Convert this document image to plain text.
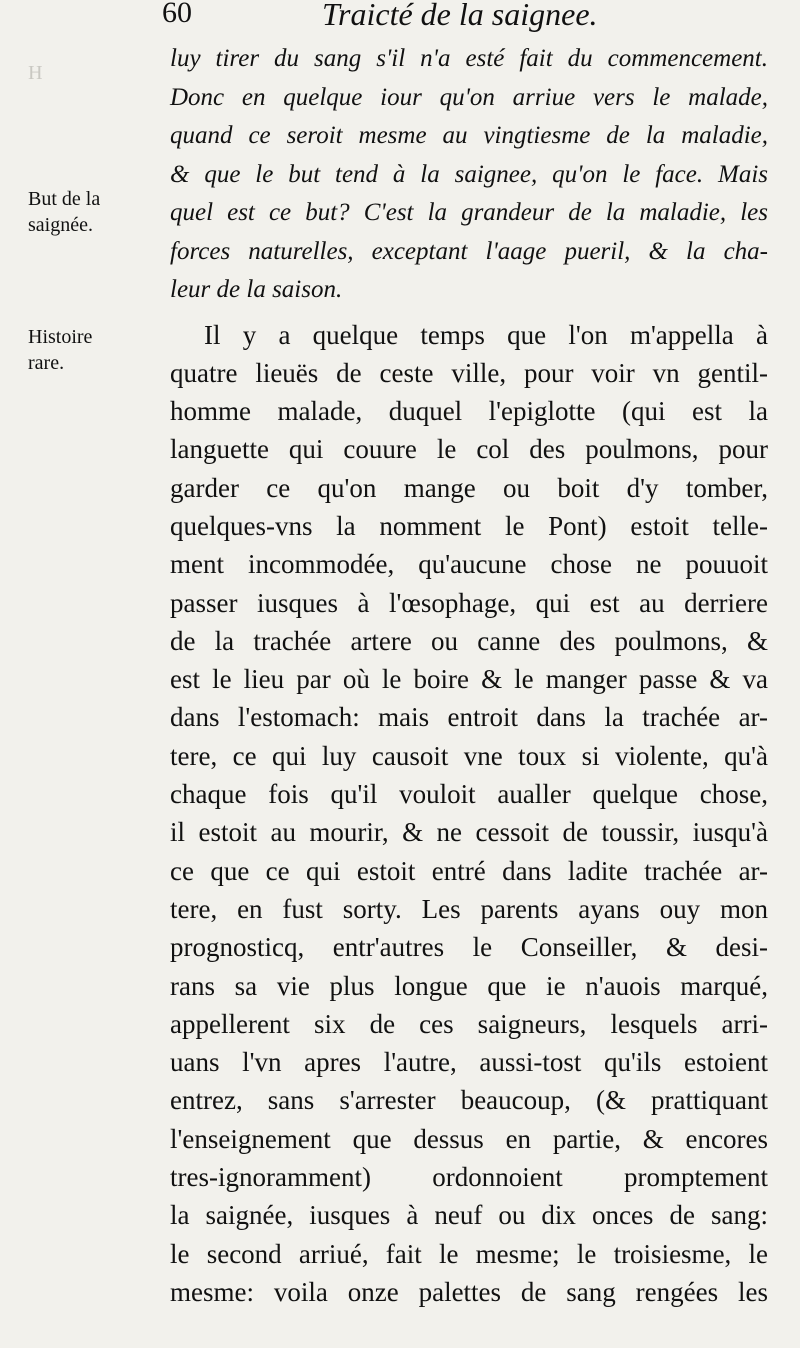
H
60	Traicté de la saignee.
But de la
saignée.
Histoire
rare.
luy tirer du sang s'il n'a esté fait du commencement.
Donc en quelque iour qu'on arriue vers le malade,
quand ce seroit mesme au vingtiesme de la maladie,
& que le but tend à la saignee, qu'on le face. Mais
quel est ce but? C'est la grandeur de la maladie, les
forces naturelles, exceptant l'aage pueril, & la cha-
leur de la saison.
Il y a quelque temps que l'on m'appella à
quatre lieuës de ceste ville, pour voir vn gentil-
homme malade, duquel l'epiglotte (qui est la
languette qui couure le col des poulmons, pour
garder ce qu'on mange ou boit d'y tomber,
quelques-vns la nomment le Pont) estoit telle-
ment incommodée, qu'aucune chose ne pouuoit
passer iusques à l'œsophage, qui est au derriere
de la trachée artere ou canne des poulmons, &
est le lieu par où le boire & le manger passe & va
dans l'estomach: mais entroit dans la trachée ar-
tere, ce qui luy causoit vne toux si violente, qu'à
chaque fois qu'il vouloit aualler quelque chose,
il estoit au mourir, & ne cessoit de toussir, iusqu'à
ce que ce qui estoit entré dans ladite trachée ar-
tere, en fust sorty. Les parents ayans ouy mon
prognosticq, entr'autres le Conseiller, & desi-
rans sa vie plus longue que ie n'auois marqué,
appellerent six de ces saigneurs, lesquels arri-
uans l'vn apres l'autre, aussi-tost qu'ils estoient
entrez, sans s'arrester beaucoup, (& prattiquant
l'enseignement que dessus en partie, & encores
tres-ignoramment) ordonnoient promptement
la saignée, iusques à neuf ou dix onces de sang:
le second arriué, fait le mesme; le troisiesme, le
mesme: voila onze palettes de sang rengées les
